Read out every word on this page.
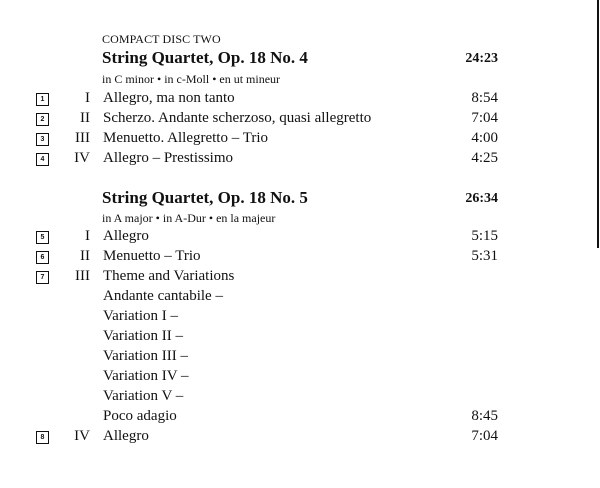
COMPACT DISC TWO
String Quartet, Op. 18 No. 4	24:23
in C minor • in c-Moll • en ut mineur
1	I Allegro, ma non tanto	8:54
2	II Scherzo. Andante scherzoso, quasi allegretto	7:04
3	III Menuetto. Allegretto – Trio	4:00
4	IV Allegro – Prestissimo	4:25
String Quartet, Op. 18 No. 5	26:34
in A major • in A-Dur • en la majeur
5	I Allegro	5:15
6	II Menuetto – Trio	5:31
7	III Theme and Variations
Andante cantabile –
Variation I –
Variation II –
Variation III –
Variation IV –
Variation V –
Poco adagio	8:45
8	IV Allegro	7:04
